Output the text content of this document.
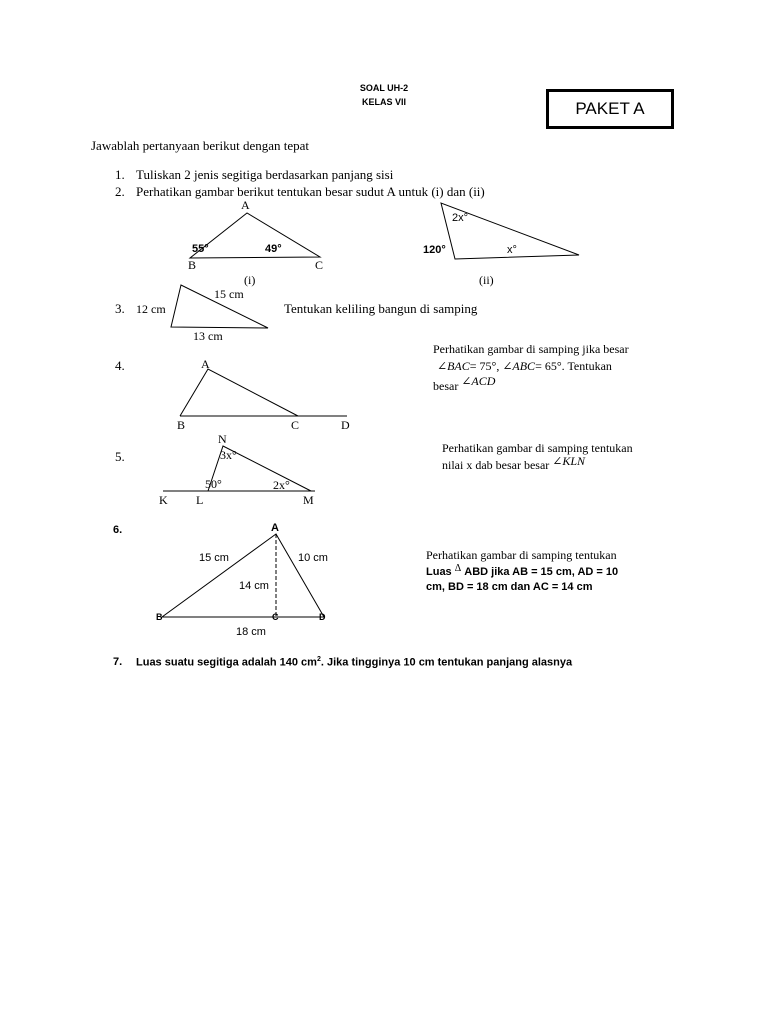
SOAL UH-2
KELAS VII	PAKET A
Jawablah pertanyaan berikut dengan tepat
1. Tuliskan 2 jenis segitiga berdasarkan panjang sisi
2. Perhatikan gambar berikut tentukan besar sudut A untuk (i) dan (ii)
A
55°	49°
B	C
(i)
2x°
120°	x°
(ii)
3. 12 cm
15 cm
13 cm
Tentukan keliling bangun di samping
4.	A
B	C	D
Perhatikan gambar di samping jika besar
∠BAC= 75°, ∠ABC= 65°. Tentukan
besar ∠ACD
5.
N
3x°
50°	2x°
K L	M
Perhatikan gambar di samping tentukan
nilai x dab besar besar ∠KLN
6.	A
15 cm	10 cm
14 cm
B	C	D
18 cm
Perhatikan gambar di samping tentukan
Luas Δ ABD jika AB = 15 cm, AD = 10
cm, BD = 18 cm dan AC = 14 cm
7. Luas suatu segitiga adalah 140 $cm^2$. Jika tingginya 10 cm tentukan panjang alasnya
